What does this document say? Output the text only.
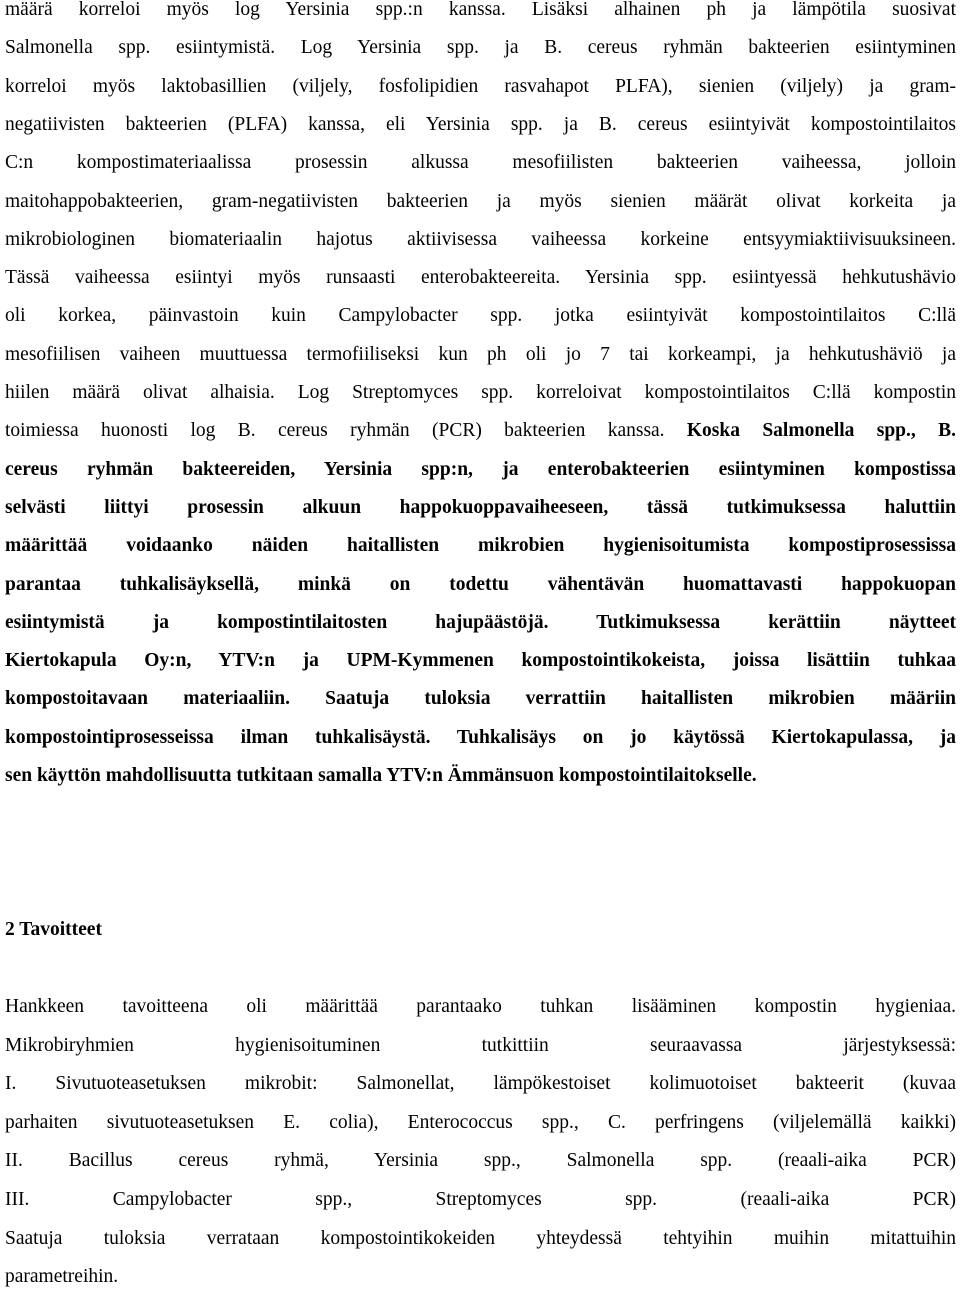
määrä korreloi myös log Yersinia spp.:n kanssa. Lisäksi alhainen ph ja lämpötila suosivat
Salmonella spp. esiintymistä. Log Yersinia spp. ja B. cereus ryhmän bakteerien esiintyminen
korreloi myös laktobasillien (viljely, fosfolipidien rasvahapot PLFA), sienien (viljely) ja gram-
negatiivisten bakteerien (PLFA) kanssa, eli Yersinia spp. ja B. cereus esiintyivät kompostointilaitos
C:n kompostimateriaalissa prosessin alkussa mesofiilisten bakteerien vaiheessa, jolloin
maitohappobakteerien, gram-negatiivisten bakteerien ja myös sienien määrät olivat korkeita ja
mikrobiologinen biomateriaalin hajotus aktiivisessa vaiheessa korkeine entsyymiaktiivisuuksineen.
Tässä vaiheessa esiintyi myös runsaasti enterobakteereita. Yersinia spp. esiintyessä hehkutushävio
oli korkea, päinvastoin kuin Campylobacter spp. jotka esiintyivät kompostointilaitos C:llä
mesofiilisen vaiheen muuttuessa termofiiliseksi kun ph oli jo 7 tai korkeampi, ja hehkutushäviö ja
hiilen määrä olivat alhaisia. Log Streptomyces spp. korreloivat kompostointilaitos C:llä kompostin
toimiessa huonosti log B. cereus ryhmän (PCR) bakteerien kanssa. Koska Salmonella spp., B.
cereus ryhmän bakteereiden, Yersinia spp:n, ja enterobakteerien esiintyminen kompostissa
selvästi liittyi prosessin alkuun happokuoppavaiheeseen, tässä tutkimuksessa haluttiin
määrittää voidaanko näiden haitallisten mikrobien hygienisoitumista kompostiprosessissa
parantaa tuhkalisäyksellä, minkä on todettu vähentävän huomattavasti happokuopan
esiintymistä ja kompostintilaitosten hajupäästöjä. Tutkimuksessa kerättiin näytteet
Kiertokapula Oy:n, YTV:n ja UPM-Kymmenen kompostointikokeista, joissa lisättiin tuhkaa
kompostoitavaan materiaaliin. Saatuja tuloksia verrattiin haitallisten mikrobien määriin
kompostointiprosesseissa ilman tuhkalisäystä. Tuhkalisäys on jo käytössä Kiertokapulassa, ja
sen käyttön mahdollisuutta tutkitaan samalla YTV:n Ämmänsuon kompostointilaitokselle.
2 Tavoitteet
Hankkeen tavoitteena oli määrittää parantaako tuhkan lisääminen kompostin hygieniaa.
Mikrobiryhmien hygienisoituminen tutkittiin seuraavassa järjestyksessä:
I. Sivutuoteasetuksen mikrobit: Salmonellat, lämpökestoiset kolimuotoiset bakteerit (kuvaa
parhaiten sivutuoteasetuksen E. colia), Enterococcus spp., C. perfringens (viljelemällä kaikki)
II. Bacillus cereus ryhmä, Yersinia spp., Salmonella spp. (reaali-aika PCR)
III. Campylobacter spp., Streptomyces spp. (reaali-aika PCR)
Saatuja tuloksia verrataan kompostointikokeiden yhteydessä tehtyihin muihin mitattuihin
parametreihin.
